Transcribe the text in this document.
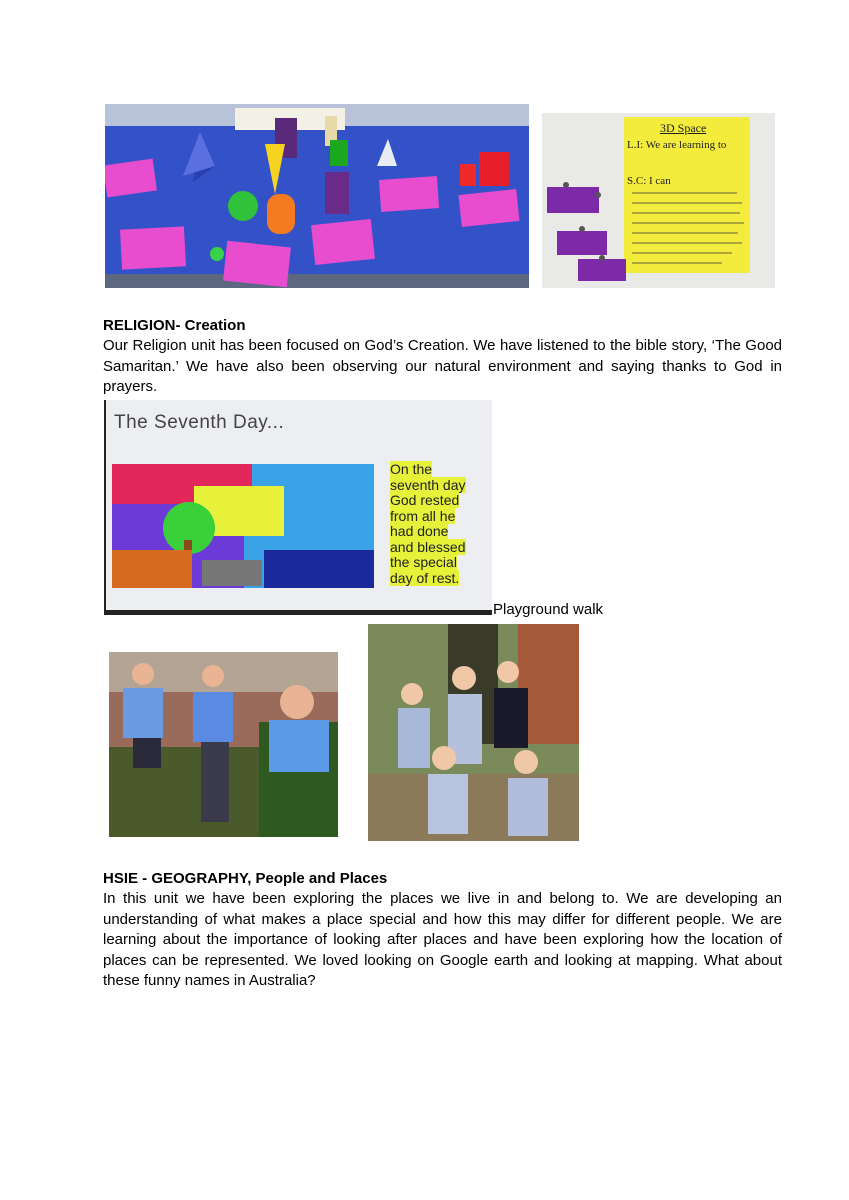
3D Space
L.I: We are learning to
S.C: I can
RELIGION- Creation
Our Religion unit has been focused on God’s Creation. We have listened to the bible story, ‘The Good Samaritan.’ We have also been observing our natural environment and saying thanks to God in prayers.
The Seventh Day...
On the
seventh day
God rested
from all he
had done
and blessed
the special
day of rest.
Playground walk
HSIE - GEOGRAPHY, People and Places
In this unit we have been exploring the places we live in and belong to. We are developing an understanding of what makes a place special and how this may differ for different people. We are learning about the importance of looking after places and have been exploring how the location of places can be represented. We loved looking on Google earth and looking at mapping. What about these funny names in Australia?
